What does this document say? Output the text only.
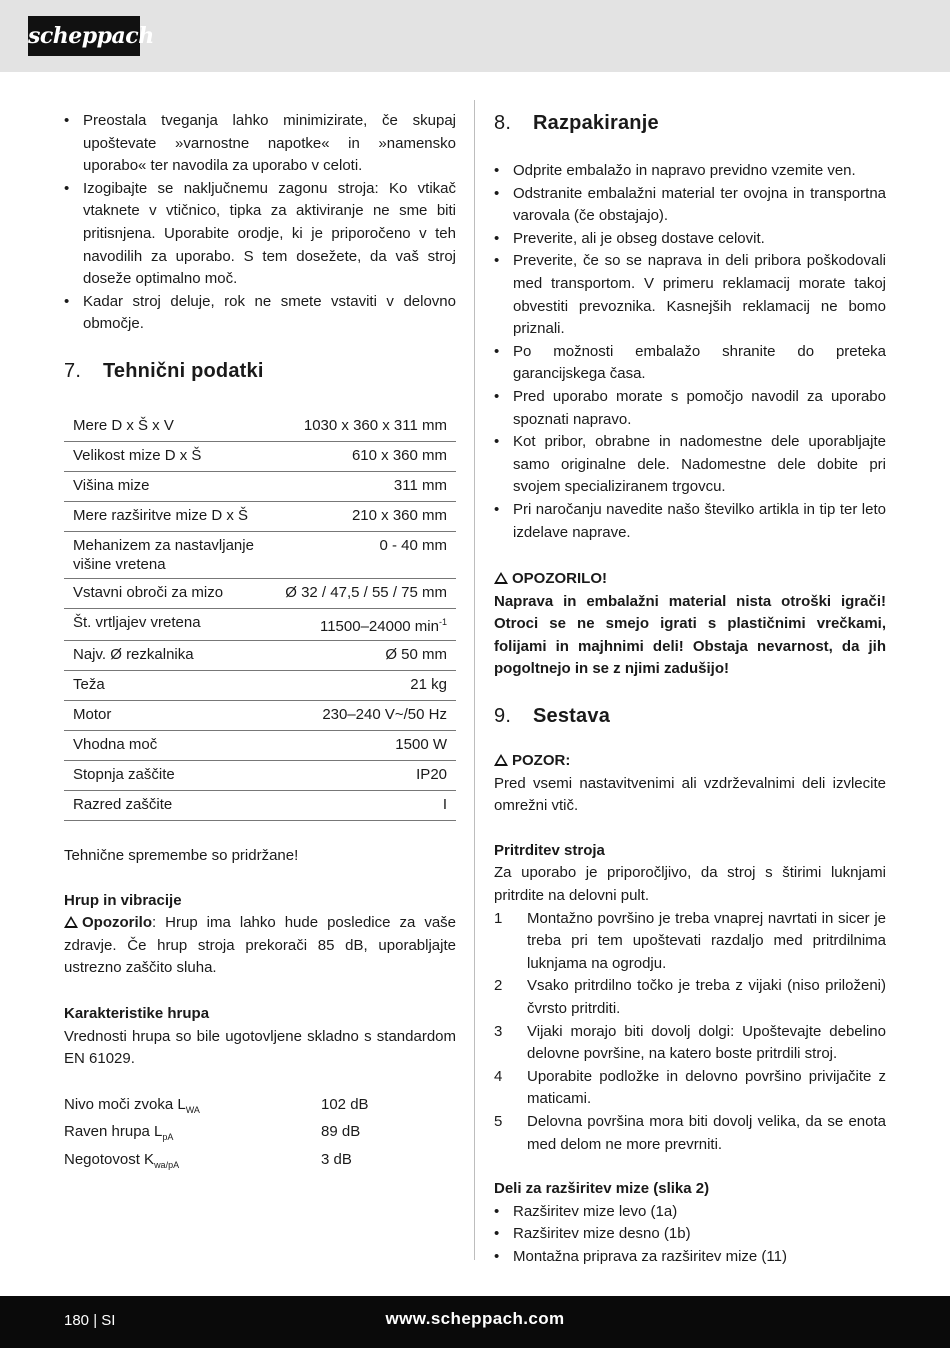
scheppach
• Preostala tveganja lahko minimizirate, če skupaj upoštevate »varnostne napotke« in »namensko uporabo« ter navodila za uporabo v celoti.
• Izogibajte se naključnemu zagonu stroja: Ko vtikač vtaknete v vtičnico, tipka za aktiviranje ne sme biti pritisnjena. Uporabite orodje, ki je priporočeno v teh navodilih za uporabo. S tem dosežete, da vaš stroj doseže optimalno moč.
• Kadar stroj deluje, rok ne smete vstaviti v delovno območje.
7. Tehnični podatki
Mere D x Š x V	1030 x 360 x 311 mm
Velikost mize D x Š	610 x 360 mm
Višina mize	311 mm
Mere razširitve mize D x Š	210 x 360 mm
Mehanizem za nastavljanje višine vretena	0 - 40 mm
Vstavni obroči za mizo	Ø 32 / 47,5 / 55 / 75 mm
Št. vrtljajev vretena	11500–24000 $\min^{-1}$
Najv. Ø rezkalnika	Ø 50 mm
Teža	21 kg
Motor	230–240 V~/50 Hz
Vhodna moč	1500 W
Stopnja zaščite	IP20
Razred zaščite	I

Tehnične spremembe so pridržane!

Hrup in vibracije

Opozorilo: Hrup ima lahko hude posledice za vaše zdravje. Če hrup stroja prekorači 85 dB, uporabljajte ustrezno zaščito sluha.

Karakteristike hrupa

Vrednosti hrupa so bile ugotovljene skladno s standardom EN 61029.

Nivo moči zvoka $L_{WA}$	102 dB
Raven hrupa $L_{pA}$	89 dB
Negotovost $K_{wa/pA}$	3 dB
8. Razpakiranje
• Odprite embalažo in napravo previdno vzemite ven.
• Odstranite embalažni material ter ovojna in transportna varovala (če obstajajo).
• Preverite, ali je obseg dostave celovit.
• Preverite, če so se naprava in deli pribora poškodovali med transportom. V primeru reklamacij morate takoj obvestiti prevoznika. Kasnejših reklamacij ne bomo priznali.
• Po možnosti embalažo shranite do preteka garancijskega časa.
• Pred uporabo morate s pomočjo navodil za uporabo spoznati napravo.
• Kot pribor, obrabne in nadomestne dele uporabljajte samo originalne dele. Nadomestne dele dobite pri svojem specializiranem trgovcu.
• Pri naročanju navedite našo številko artikla in tip ter leto izdelave naprave.
OPOZORILO!

Naprava in embalažni material nista otroški igrači! Otroci se ne smejo igrati s plastičnimi vrečkami, folijami in majhnimi deli! Obstaja nevarnost, da jih pogoltnejo in se z njimi zadušijo!

9. Sestava
POZOR:

Pred vsemi nastavitvenimi ali vzdrževalnimi deli izvlecite omrežni vtič.

Pritrditev stroja

Za uporabo je priporočljivo, da stroj s štirimi luknjami pritrdite na delovni pult.

1 Montažno površino je treba vnaprej navrtati in sicer je treba pri tem upoštevati razdaljo med pritrdilnima luknjama na ogrodju.
2 Vsako pritrdilno točko je treba z vijaki (niso priloženi) čvrsto pritrditi.
3 Vijaki morajo biti dovolj dolgi: Upoštevajte debelino delovne površine, na katero boste pritrdili stroj.
4 Uporabite podložke in delovno površino privijačite z maticami.
5 Delovna površina mora biti dovolj velika, da se enota med delom ne more prevrniti.
Deli za razširitev mize (slika 2)
• Razširitev mize levo (1a)
• Razširitev mize desno (1b)
• Montažna priprava za razširitev mize (11)
180 | SI	www.scheppach.com
